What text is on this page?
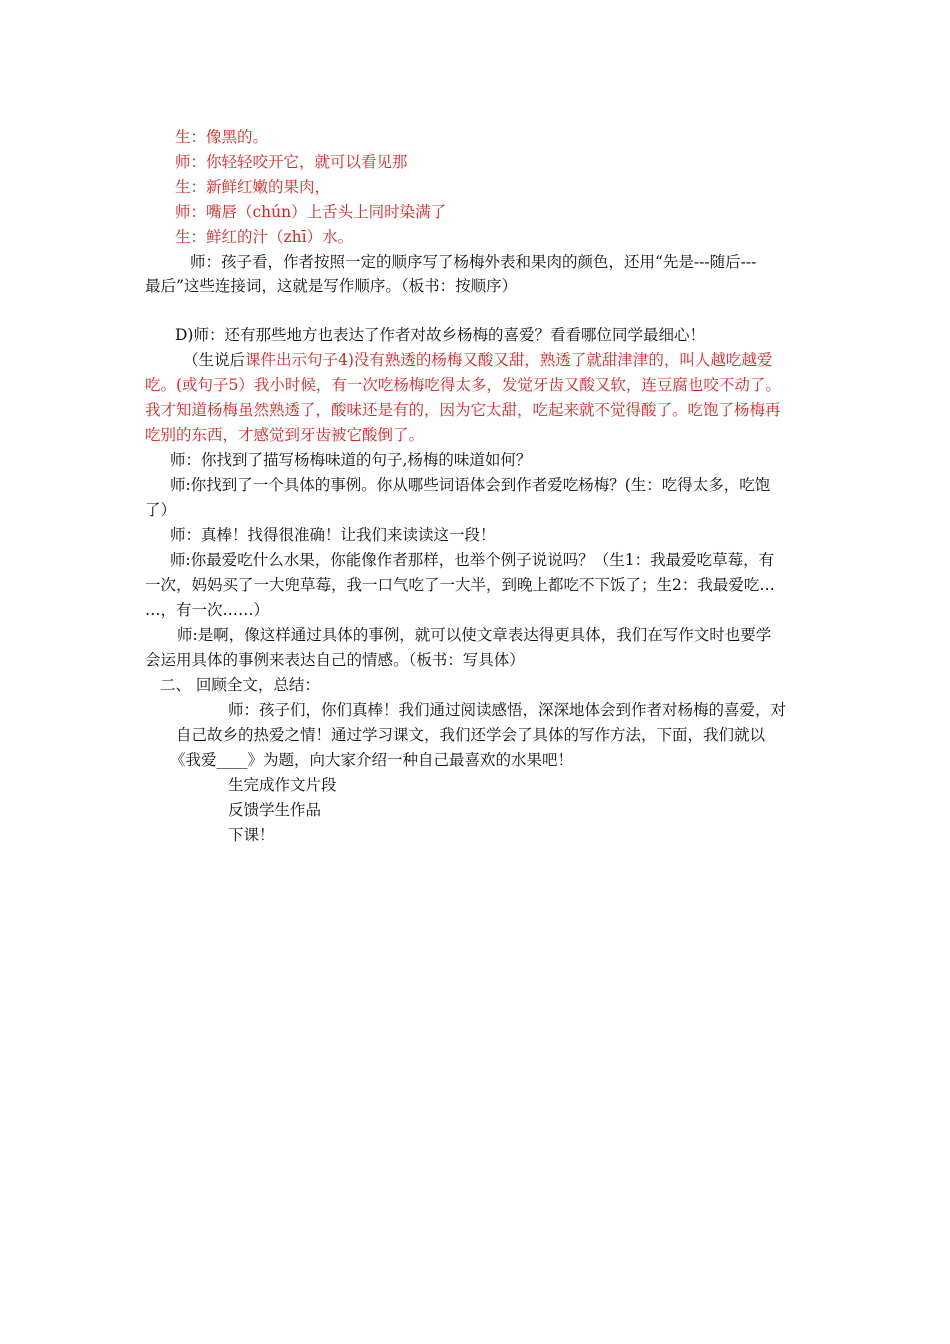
生：像黑的。
师：你轻轻咬开它，就可以看见那
生：新鲜红嫩的果肉，
师：嘴唇（chún）上舌头上同时染满了
生：鲜红的汁（zhī）水。
师：孩子看，作者按照一定的顺序写了杨梅外表和果肉的颜色，还用“先是---随后---
最后”这些连接词，这就是写作顺序。（板书：按顺序）
D)师：还有那些地方也表达了作者对故乡杨梅的喜爱？看看哪位同学最细心！
（生说后课件出示句子4)没有熟透的杨梅又酸又甜，熟透了就甜津津的，叫人越吃越爱
吃。(或句子5）我小时候，有一次吃杨梅吃得太多，发觉牙齿又酸又软，连豆腐也咬不动了。
我才知道杨梅虽然熟透了，酸味还是有的，因为它太甜，吃起来就不觉得酸了。吃饱了杨梅再
吃别的东西，才感觉到牙齿被它酸倒了。
师：你找到了描写杨梅味道的句子,杨梅的味道如何？
师:你找到了一个具体的事例。你从哪些词语体会到作者爱吃杨梅？(生：吃得太多，吃饱
了）
师：真棒！找得很准确！让我们来读读这一段！
师:你最爱吃什么水果，你能像作者那样，也举个例子说说吗？（生1：我最爱吃草莓，有
一次，妈妈买了一大兜草莓，我一口气吃了一大半，到晚上都吃不下饭了；生2：我最爱吃…
…，有一次……）
师:是啊，像这样通过具体的事例，就可以使文章表达得更具体，我们在写作文时也要学
会运用具体的事例来表达自己的情感。（板书：写具体）
二、 回顾全文，总结：
师：孩子们，你们真棒！我们通过阅读感悟，深深地体会到作者对杨梅的喜爱，对
自己故乡的热爱之情！通过学习课文，我们还学会了具体的写作方法，下面，我们就以
《我爱____》为题，向大家介绍一种自己最喜欢的水果吧！
生完成作文片段
反馈学生作品
下课！
